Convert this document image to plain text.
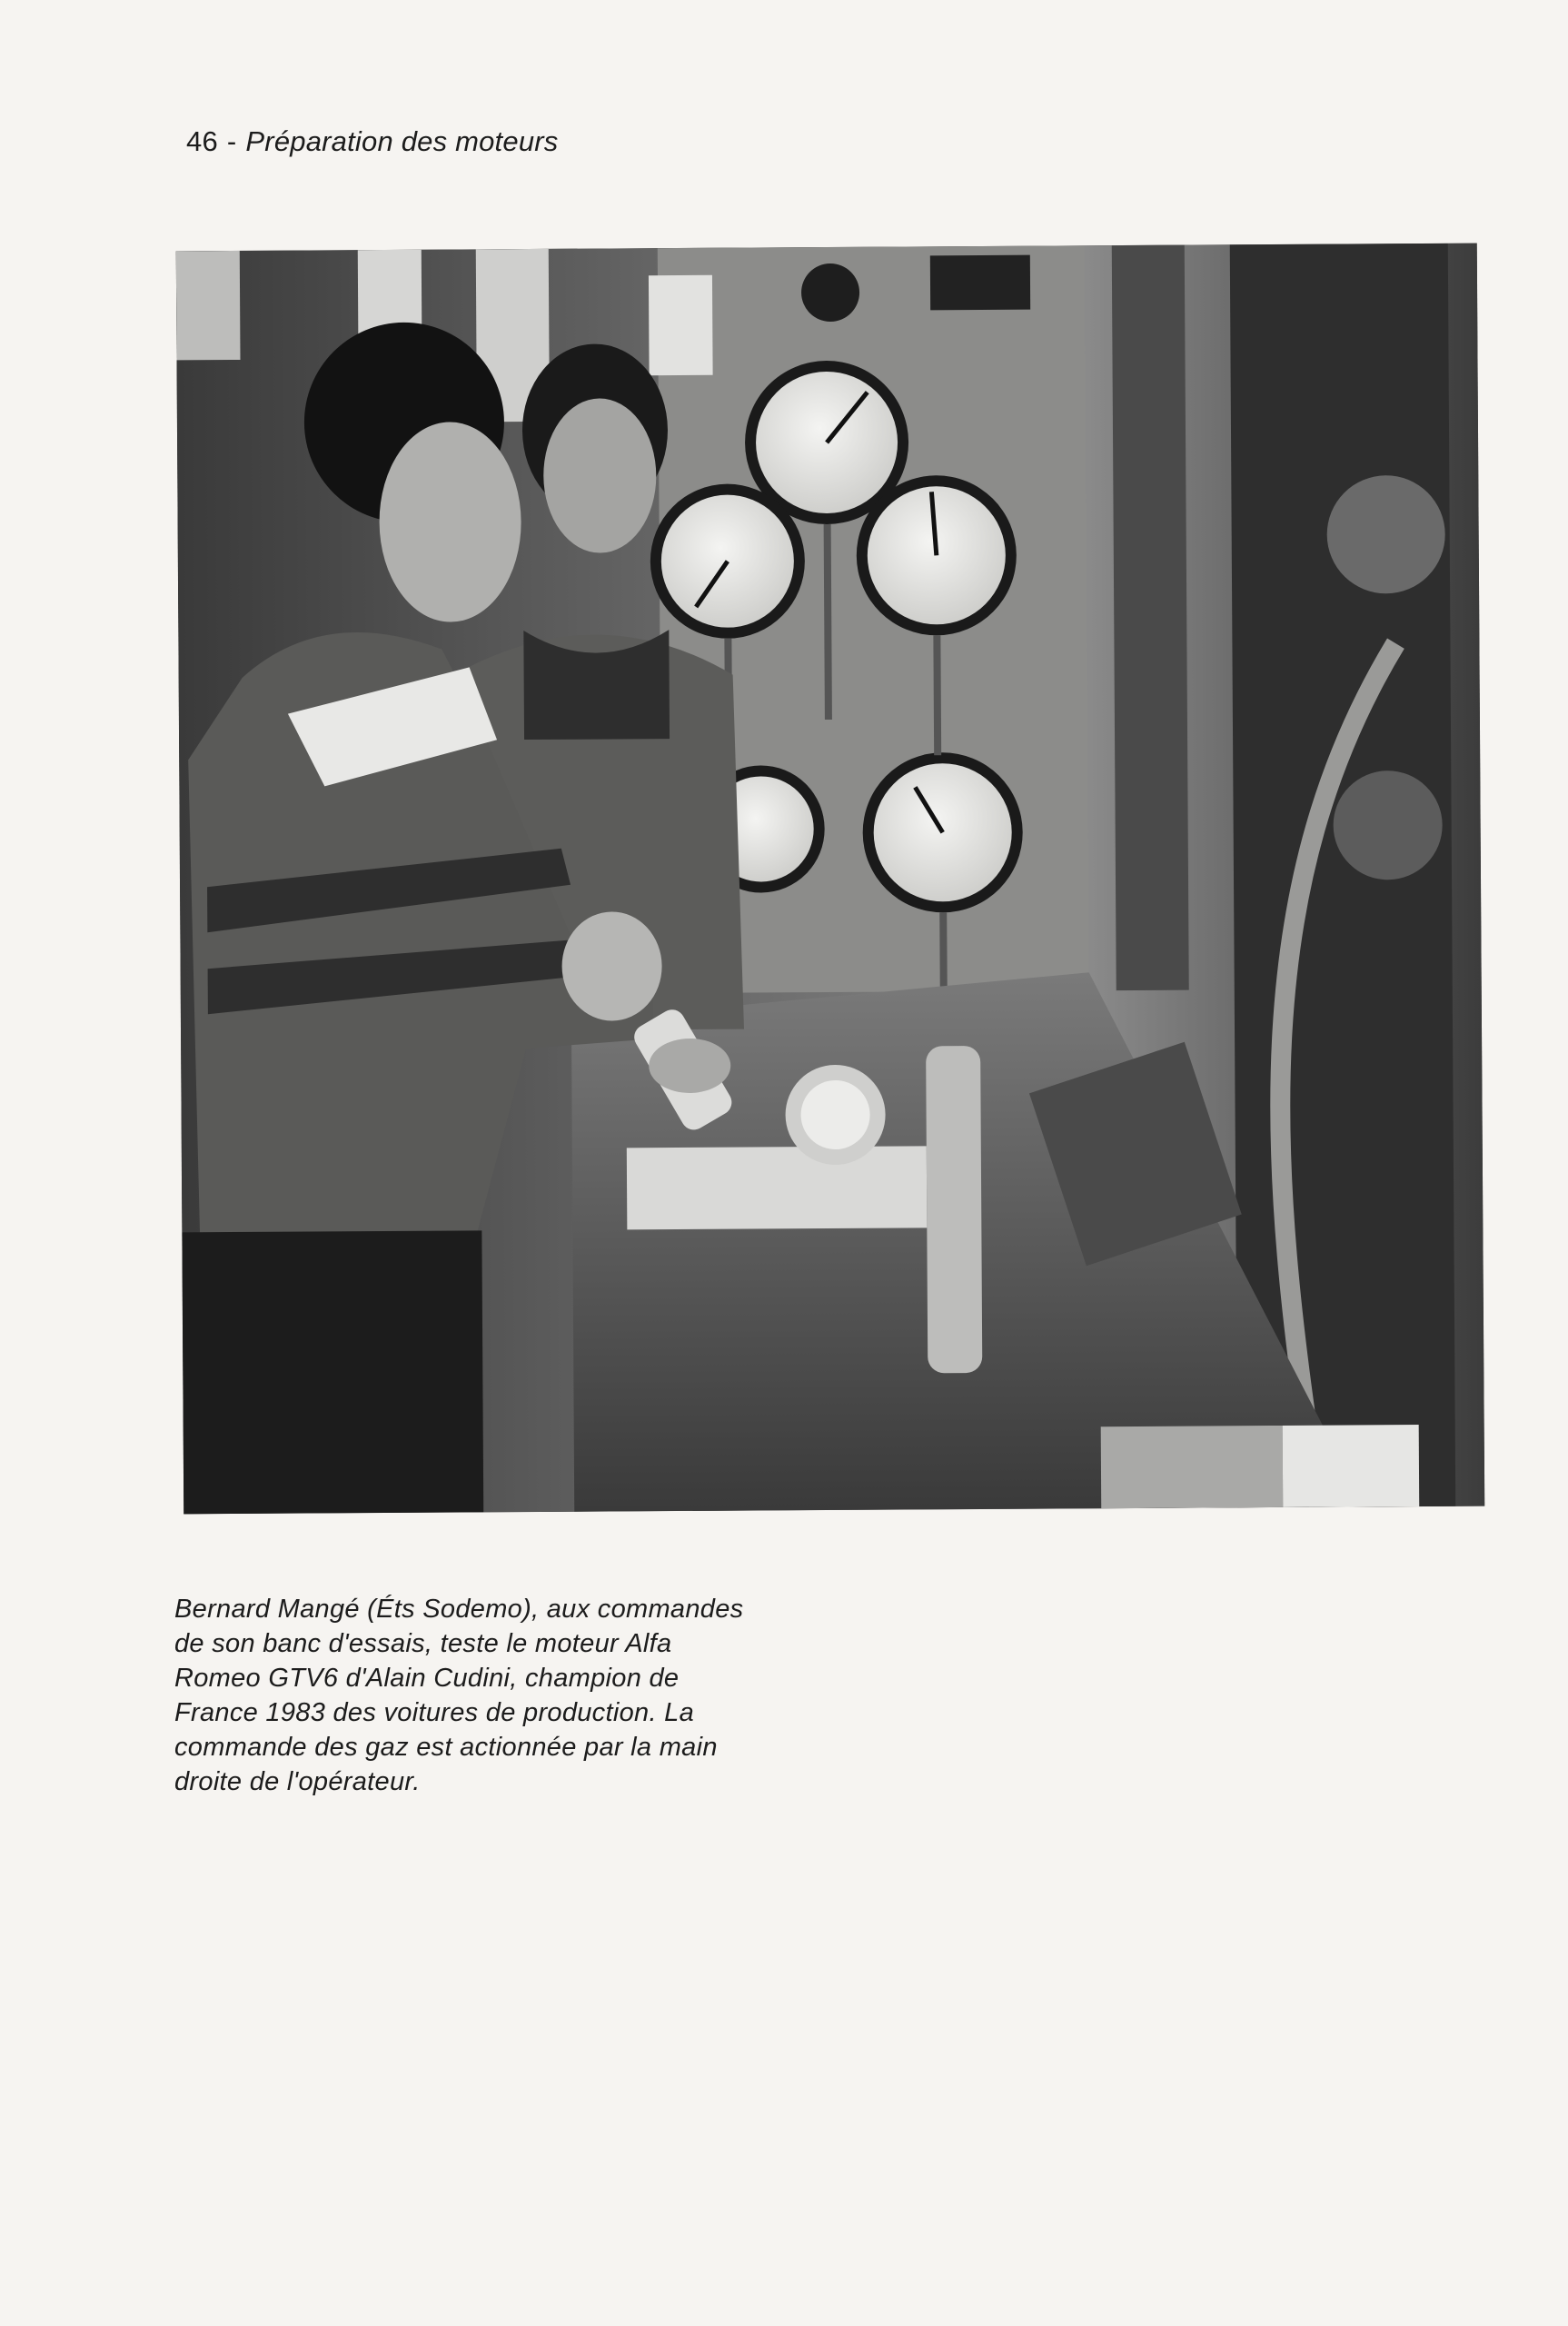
46 - Préparation des moteurs
Bernard Mangé (Éts Sodemo), aux commandes
de son banc d'essais, teste le moteur Alfa
Romeo GTV6 d'Alain Cudini, champion de
France 1983 des voitures de production. La
commande des gaz est actionnée par la main
droite de l'opérateur.
